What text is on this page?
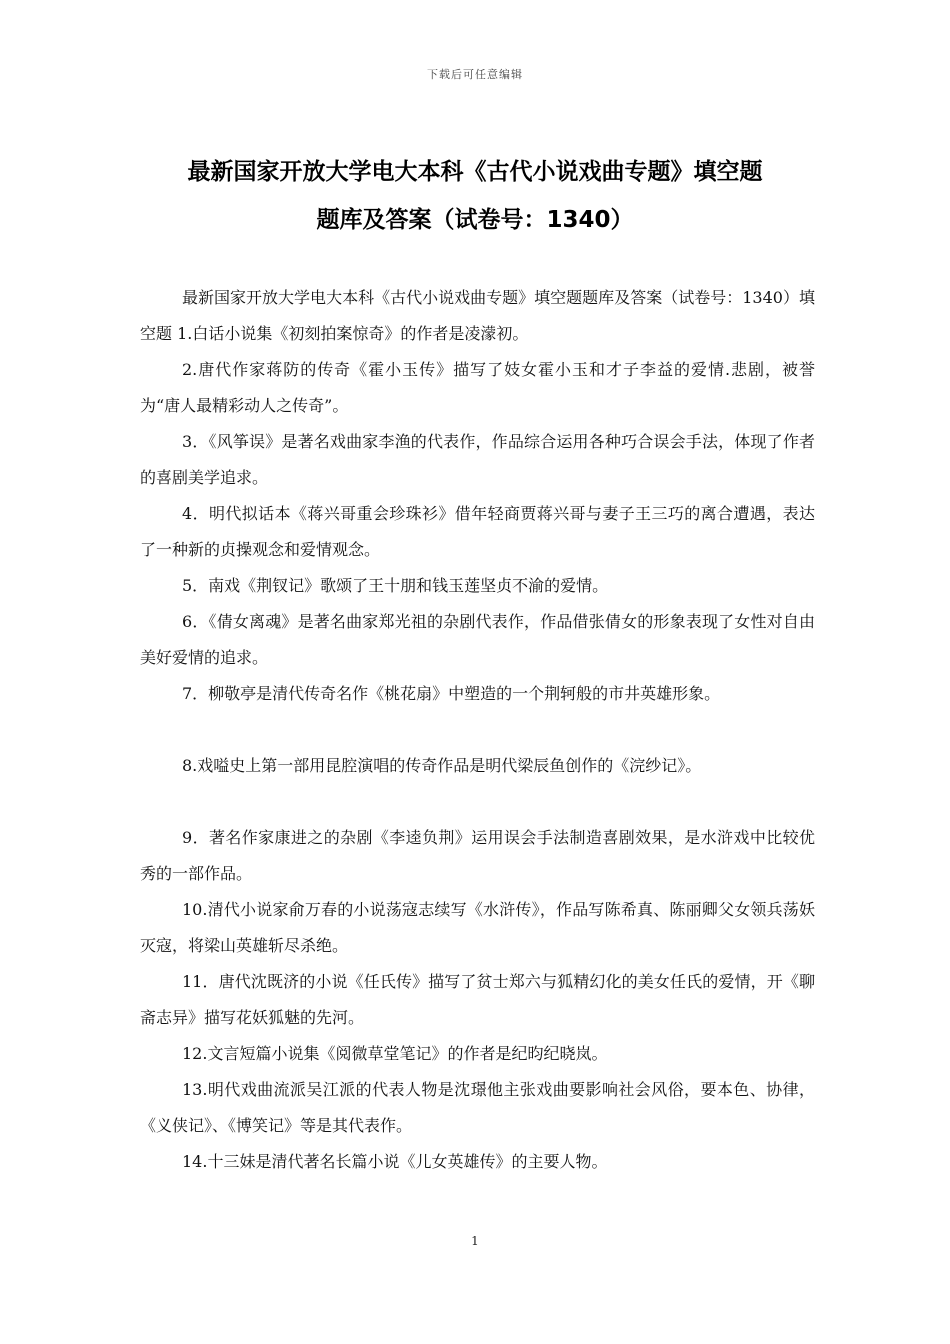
下载后可任意编辑
最新国家开放大学电大本科《古代小说戏曲专题》填空题
题库及答案（试卷号：1340）

最新国家开放大学电大本科《古代小说戏曲专题》填空题题库及答案（试卷号：1340）填空题 1.白话小说集《初刻拍案惊奇》的作者是凌濛初。

2.唐代作家蒋防的传奇《霍小玉传》描写了妓女霍小玉和才子李益的爱情.悲剧，被誉为“唐人最精彩动人之传奇”。

3．《风筝误》是著名戏曲家李渔的代表作，作品综合运用各种巧合误会手法，体现了作者的喜剧美学追求。

4．明代拟话本《蒋兴哥重会珍珠衫》借年轻商贾蒋兴哥与妻子王三巧的离合遭遇，表达了一种新的贞操观念和爱情观念。

5．南戏《荆钗记》歌颂了王十朋和钱玉莲坚贞不渝的爱情。

6．《倩女离魂》是著名曲家郑光祖的杂剧代表作，作品借张倩女的形象表现了女性对自由美好爱情的追求。

7．柳敬亭是清代传奇名作《桃花扇》中塑造的一个荆轲般的市井英雄形象。

8.戏嗌史上第一部用昆腔演唱的传奇作品是明代梁辰鱼创作的《浣纱记》。

9．著名作家康进之的杂剧《李逵负荆》运用误会手法制造喜剧效果，是水浒戏中比较优秀的一部作品。

10.清代小说家俞万春的小说荡寇志续写《水浒传》，作品写陈希真、陈丽卿父女领兵荡妖灭寇，将梁山英雄斩尽杀绝。

11．唐代沈既济的小说《任氏传》描写了贫士郑六与狐精幻化的美女任氏的爱情，开《聊斋志异》描写花妖狐魅的先河。

12.文言短篇小说集《阅微草堂笔记》的作者是纪昀纪晓岚。

13.明代戏曲流派吴江派的代表人物是沈璟他主张戏曲要影响社会风俗，要本色、协律，《义侠记》、《博笑记》等是其代表作。

14.十三妹是清代著名长篇小说《儿女英雄传》的主要人物。

1
